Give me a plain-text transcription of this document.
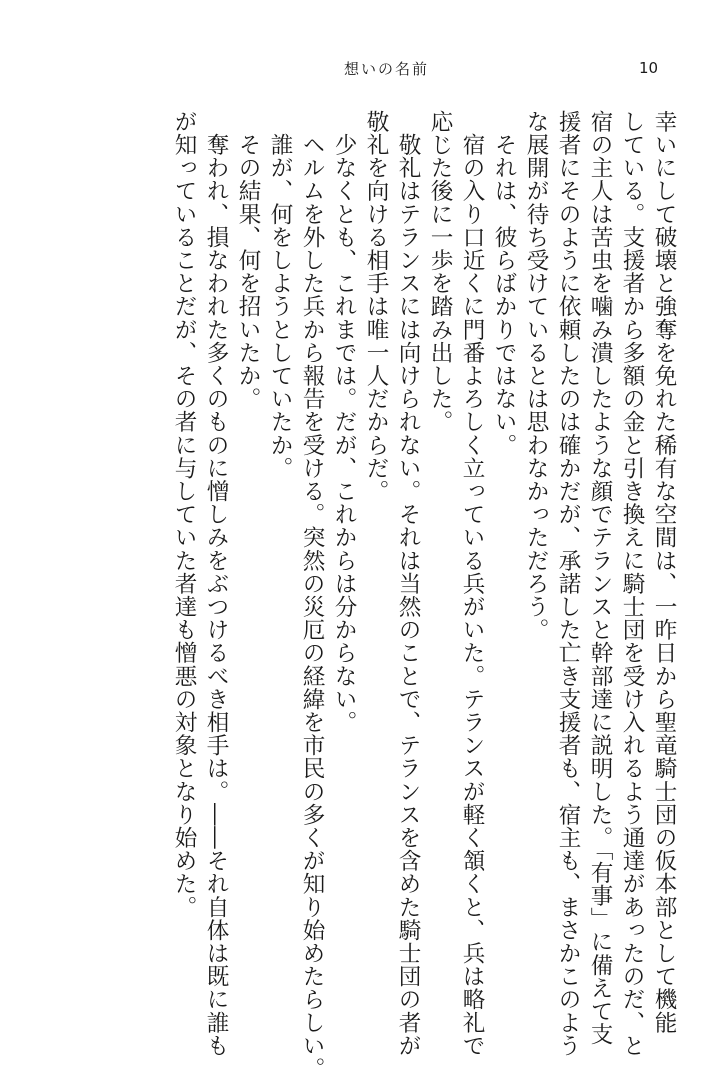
想いの名前	10
幸いにして破壊と強奪を免れた稀有な空間は、一昨日から聖竜騎士団の仮本部として機能
している。支援者から多額の金と引き換えに騎士団を受け入れるよう通達があったのだ、と
宿の主人は苦虫を噛み潰したような顔でテランスと幹部達に説明した。「有事」に備えて支
援者にそのように依頼したのは確かだが、承諾した亡き支援者も、宿主も、まさかこのよう
な展開が待ち受けているとは思わなかっただろう。
　それは、彼らばかりではない。
　宿の入り口近くに門番よろしく立っている兵がいた。テランスが軽く頷くと、兵は略礼で
応じた後に一歩を踏み出した。
　敬礼はテランスには向けられない。それは当然のことで、テランスを含めた騎士団の者が
敬礼を向ける相手は唯一人だからだ。
　少なくとも、これまでは。だが、これからは分からない。
　ヘルムを外した兵から報告を受ける。突然の災厄の経緯を市民の多くが知り始めたらしい。
　誰が、何をしようとしていたか。
　その結果、何を招いたか。
　奪われ、損なわれた多くのものに憎しみをぶつけるべき相手は。――それ自体は既に誰も
が知っていることだが、その者に与していた者達も憎悪の対象となり始めた。
